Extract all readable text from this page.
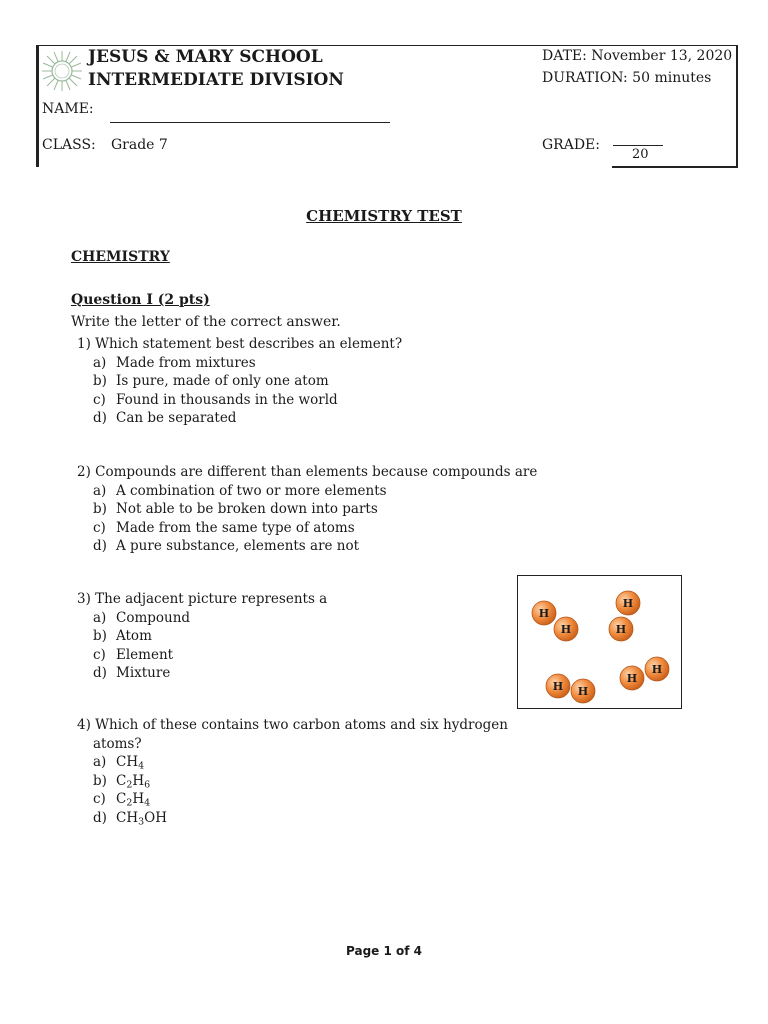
JESUS & MARY SCHOOL
INTERMEDIATE DIVISION
DATE: November 13, 2020
DURATION: 50 minutes
NAME:
CLASS: Grade 7	GRADE:
20
CHEMISTRY TEST
CHEMISTRY
Question I (2 pts)
Write the letter of the correct answer.
1) Which statement best describes an element?
a) Made from mixtures
b) Is pure, made of only one atom
c) Found in thousands in the world
d) Can be separated
2) Compounds are different than elements because compounds are
a) A combination of two or more elements
b) Not able to be broken down into parts
c) Made from the same type of atoms
d) A pure substance, elements are not
3) The adjacent picture represents a
a) Compound
b) Atom
c) Element
d) Mixture
H
H
H
H
H H
H
H
4) Which of these contains two carbon atoms and six hydrogen
atoms?
a) $CH_4$
b) $C_2H_6$
c) $C_2H_4$
d) $CH_3OH$
Page 1 of 4
